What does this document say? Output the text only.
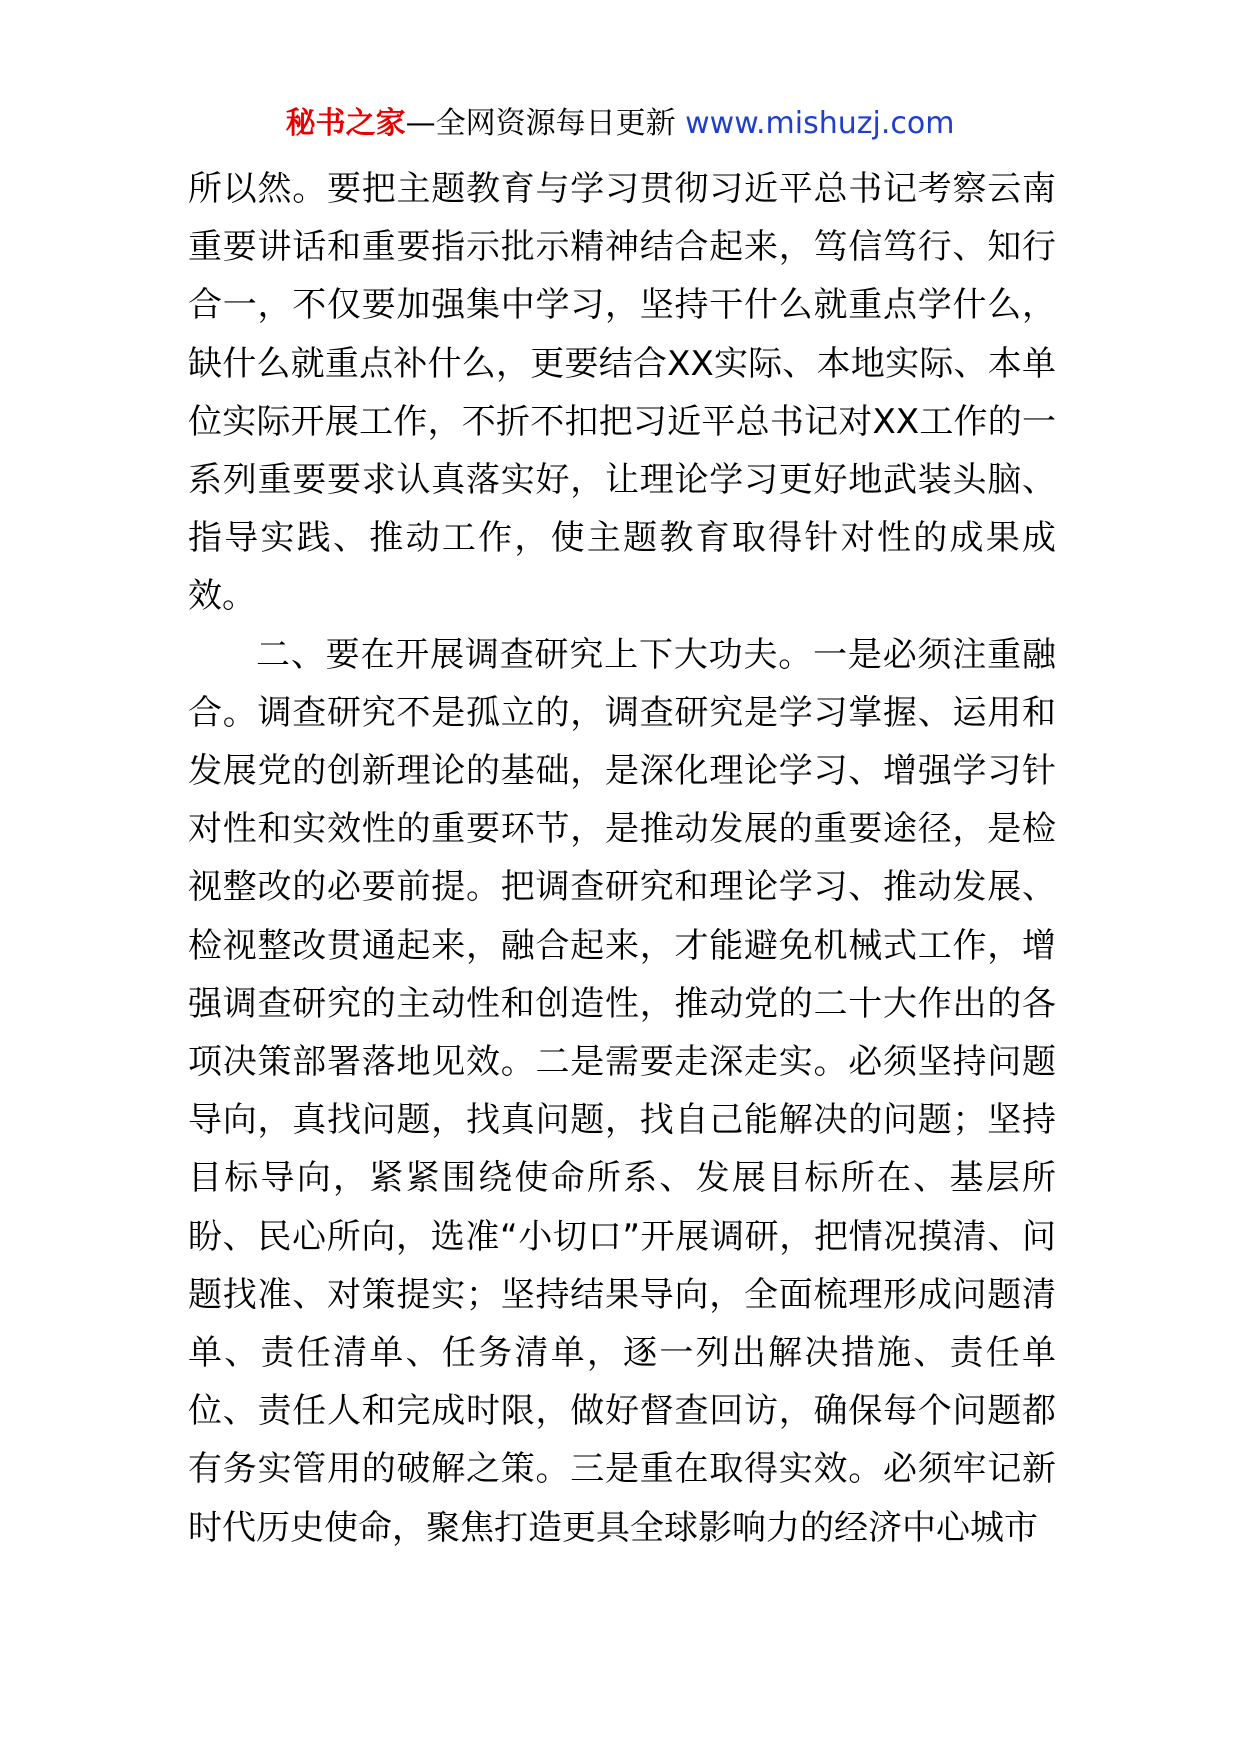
秘书之家—全网资源每日更新 www.mishuzj.com

所以然。要把主题教育与学习贯彻习近平总书记考察云南重要讲话和重要指示批示精神结合起来，笃信笃行、知行合一，不仅要加强集中学习，坚持干什么就重点学什么，缺什么就重点补什么，更要结合XX实际、本地实际、本单位实际开展工作，不折不扣把习近平总书记对XX工作的一系列重要要求认真落实好，让理论学习更好地武装头脑、指导实践、推动工作，使主题教育取得针对性的成果成效。

二、要在开展调查研究上下大功夫。一是必须注重融合。调查研究不是孤立的，调查研究是学习掌握、运用和发展党的创新理论的基础，是深化理论学习、增强学习针对性和实效性的重要环节，是推动发展的重要途径，是检视整改的必要前提。把调查研究和理论学习、推动发展、检视整改贯通起来，融合起来，才能避免机械式工作，增强调查研究的主动性和创造性，推动党的二十大作出的各项决策部署落地见效。二是需要走深走实。必须坚持问题导向，真找问题，找真问题，找自己能解决的问题；坚持目标导向，紧紧围绕使命所系、发展目标所在、基层所盼、民心所向，选准“小切口”开展调研，把情况摸清、问题找准、对策提实；坚持结果导向，全面梳理形成问题清单、责任清单、任务清单，逐一列出解决措施、责任单位、责任人和完成时限，做好督查回访，确保每个问题都有务实管用的破解之策。三是重在取得实效。必须牢记新时代历史使命，聚焦打造更具全球影响力的经济中心城市
